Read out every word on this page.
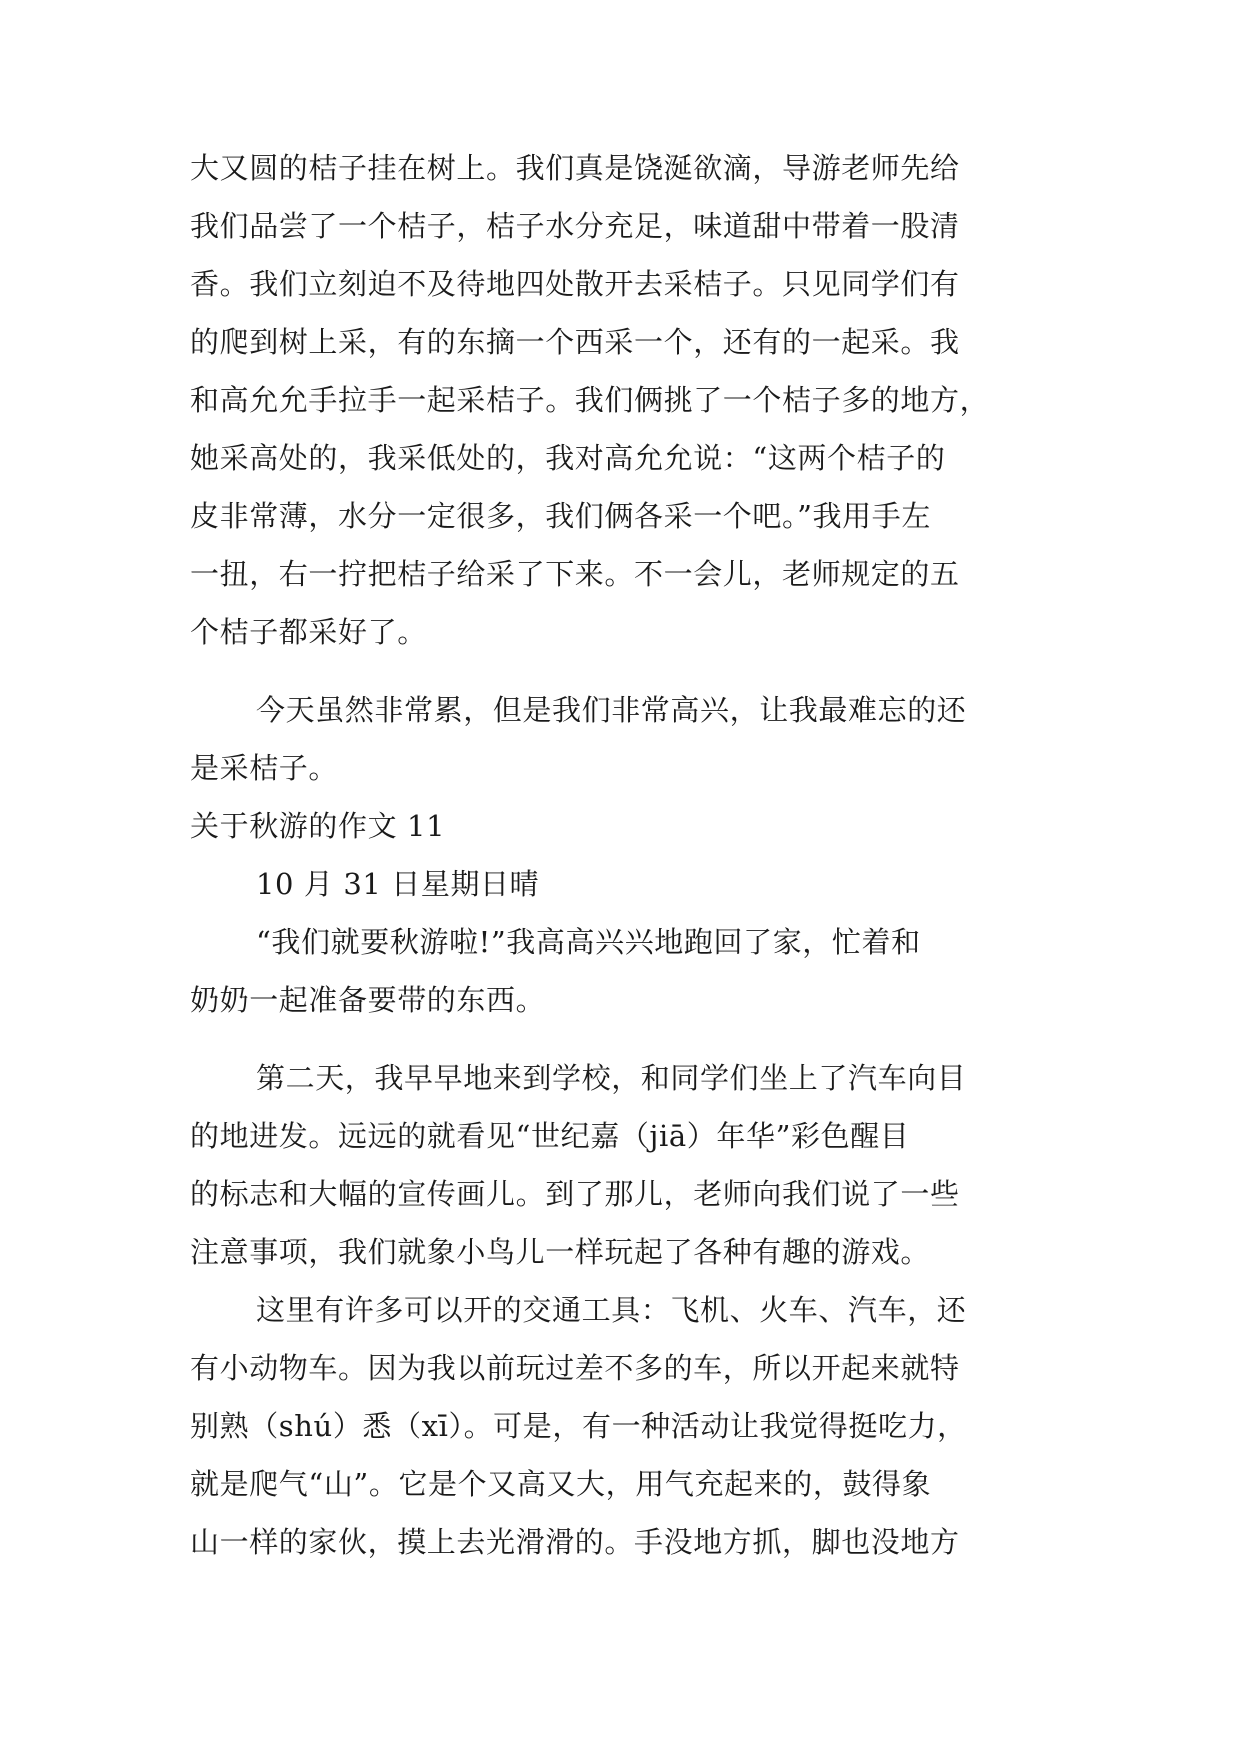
大又圆的桔子挂在树上。我们真是饶涎欲滴，导游老师先给
我们品尝了一个桔子，桔子水分充足，味道甜中带着一股清
香。我们立刻迫不及待地四处散开去采桔子。只见同学们有
的爬到树上采，有的东摘一个西采一个，还有的一起采。我
和高允允手拉手一起采桔子。我们俩挑了一个桔子多的地方，
她采高处的，我采低处的，我对高允允说：“这两个桔子的
皮非常薄，水分一定很多，我们俩各采一个吧。”我用手左
一扭，右一拧把桔子给采了下来。不一会儿，老师规定的五
个桔子都采好了。
今天虽然非常累，但是我们非常高兴，让我最难忘的还
是采桔子。
关于秋游的作文 11
10 月 31 日星期日晴
“我们就要秋游啦!”我高高兴兴地跑回了家，忙着和
奶奶一起准备要带的东西。
第二天，我早早地来到学校，和同学们坐上了汽车向目
的地进发。远远的就看见“世纪嘉（jiā）年华”彩色醒目
的标志和大幅的宣传画儿。到了那儿，老师向我们说了一些
注意事项，我们就象小鸟儿一样玩起了各种有趣的游戏。
这里有许多可以开的交通工具：飞机、火车、汽车，还
有小动物车。因为我以前玩过差不多的车，所以开起来就特
别熟（shú）悉（xī）。可是，有一种活动让我觉得挺吃力，
就是爬气“山”。它是个又高又大，用气充起来的，鼓得象
山一样的家伙，摸上去光滑滑的。手没地方抓，脚也没地方
